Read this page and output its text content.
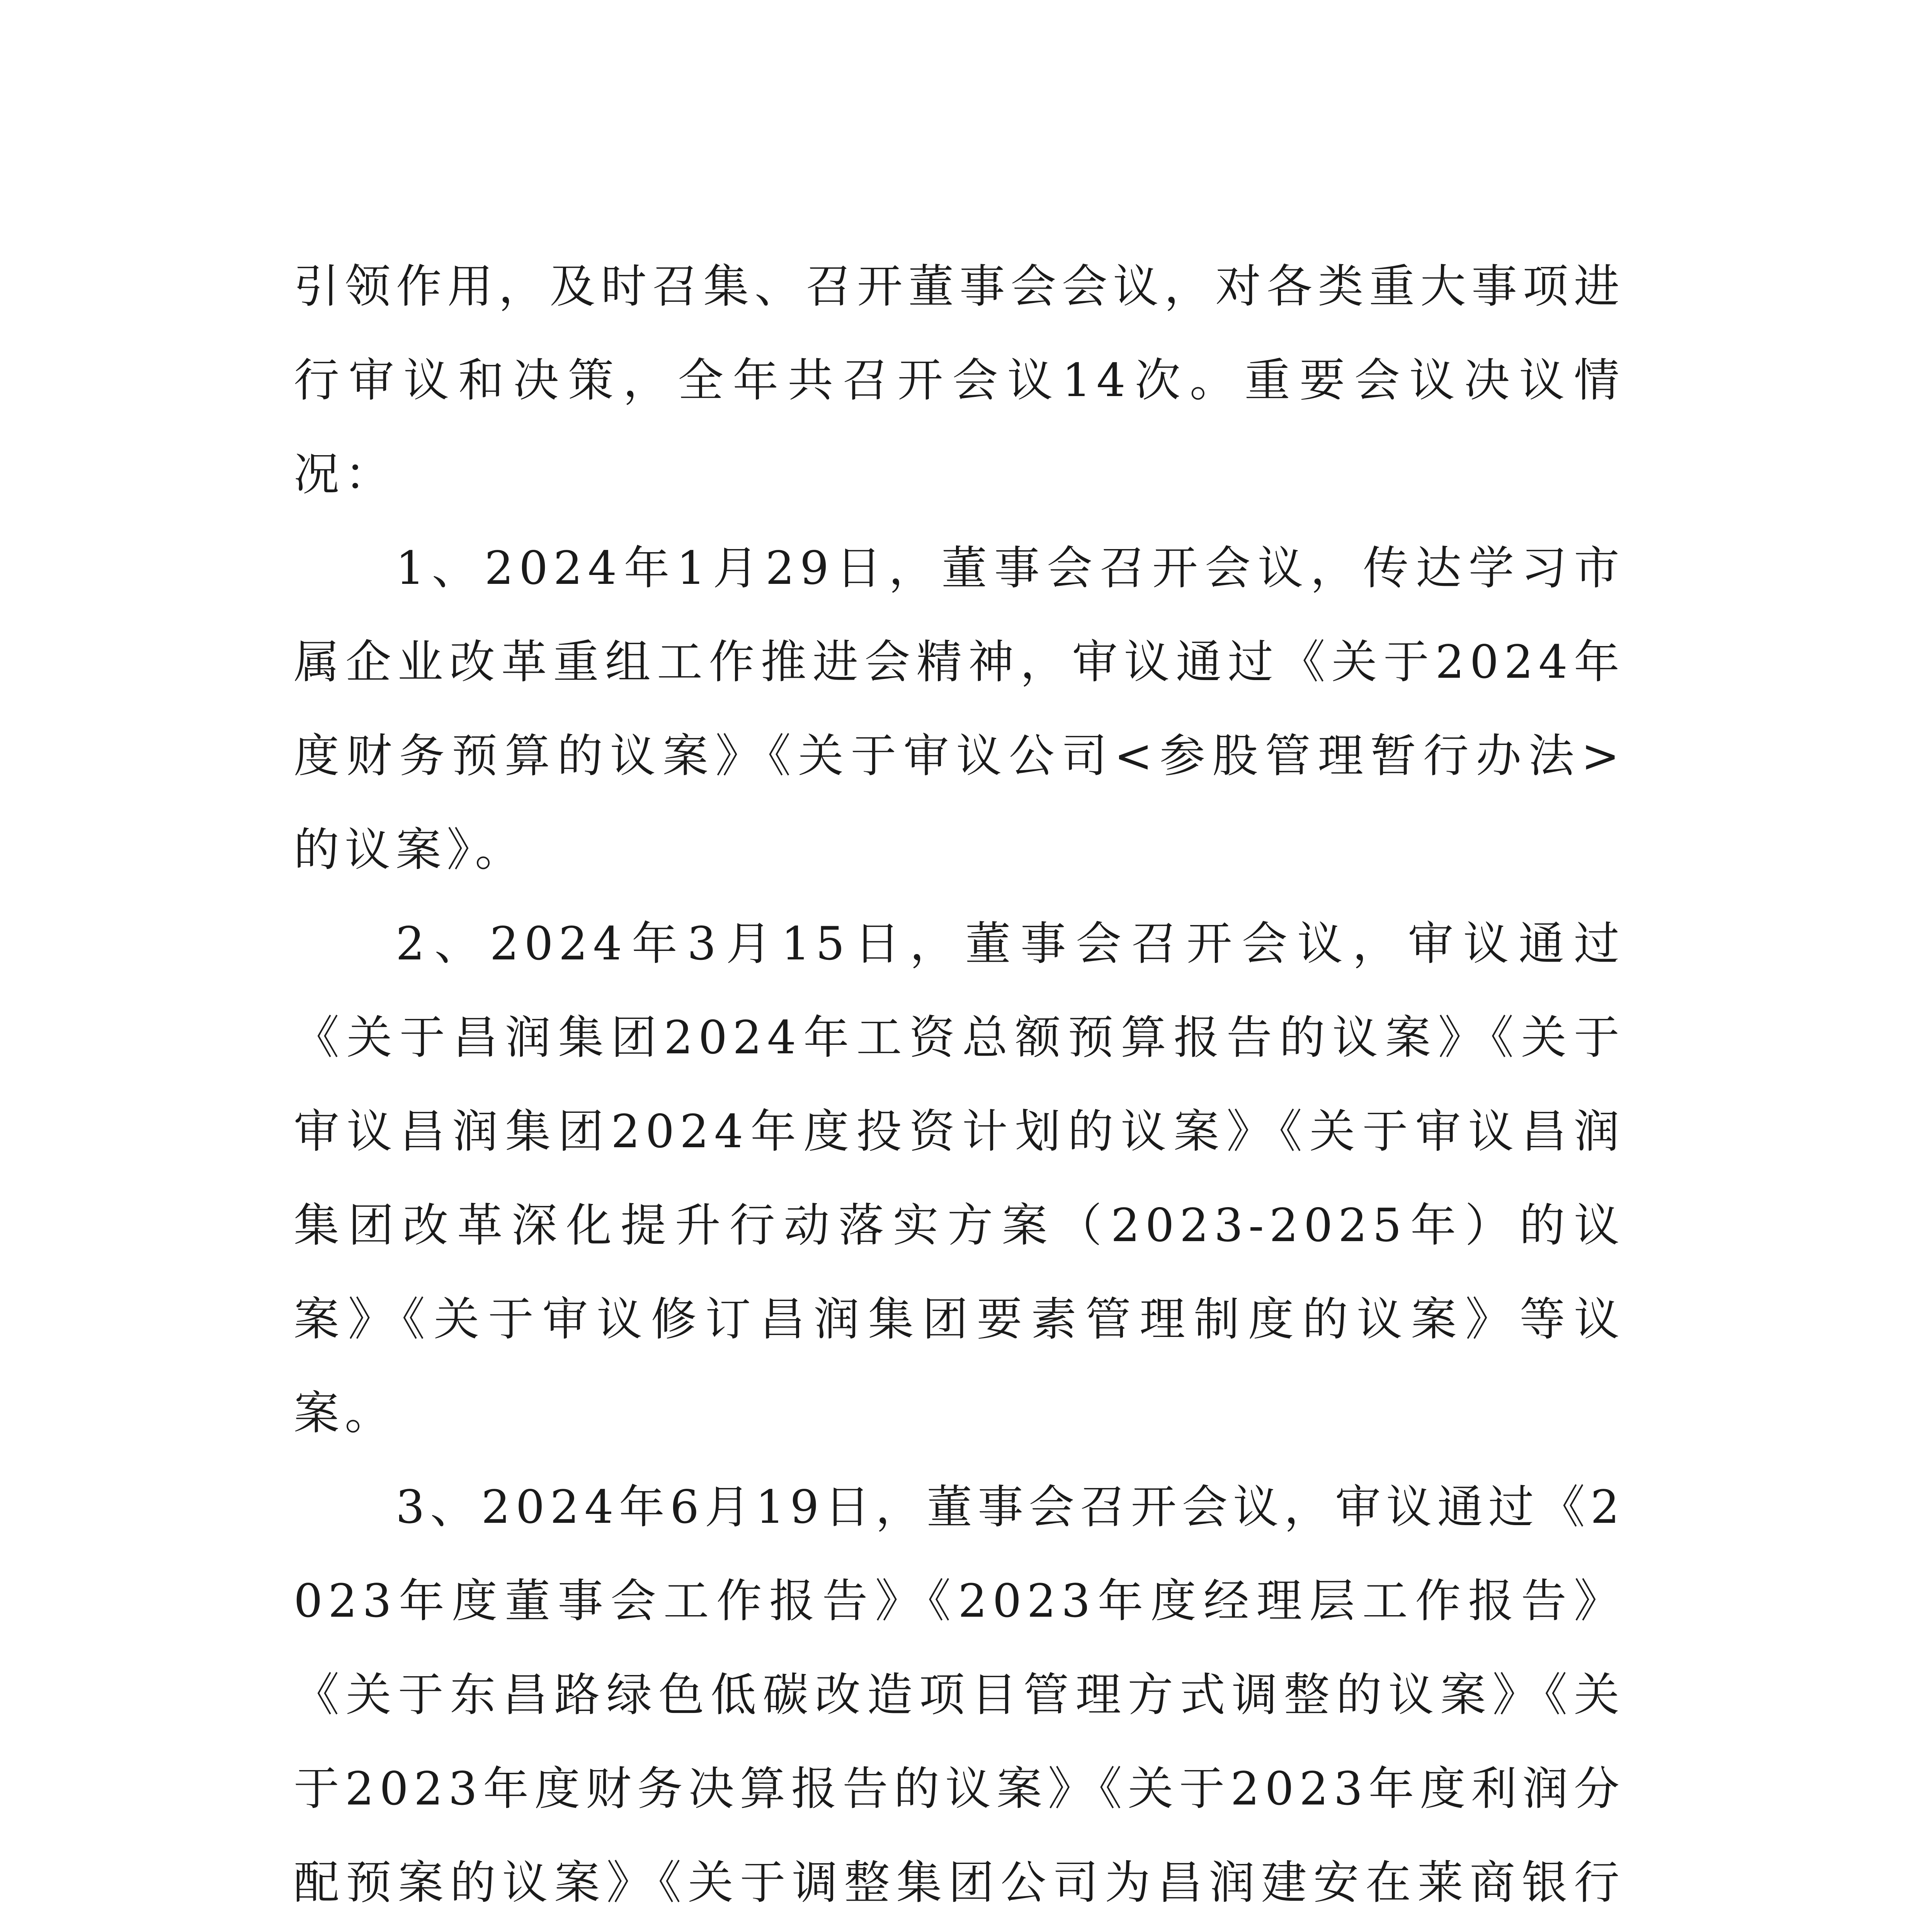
引领作用，及时召集、召开董事会会议，对各类重大事项进行审议和决策，全年共召开会议14次。重要会议决议情况：

1、2024年1月29日，董事会召开会议，传达学习市属企业改革重组工作推进会精神，审议通过《关于2024年度财务预算的议案》《关于审议公司<参股管理暂行办法>的议案》。

2、2024年3月15日，董事会召开会议，审议通过《关于昌润集团2024年工资总额预算报告的议案》《关于审议昌润集团2024年度投资计划的议案》《关于审议昌润集团改革深化提升行动落实方案（2023-2025年）的议案》《关于审议修订昌润集团要素管理制度的议案》等议案。

3、2024年6月19日，董事会召开会议，审议通过《2023年度董事会工作报告》《2023年度经理层工作报告》《关于东昌路绿色低碳改造项目管理方式调整的议案》《关于2023年度财务决算报告的议案》《关于2023年度利润分配预案的议案》《关于调整集团公司为昌润建安在莱商银行
